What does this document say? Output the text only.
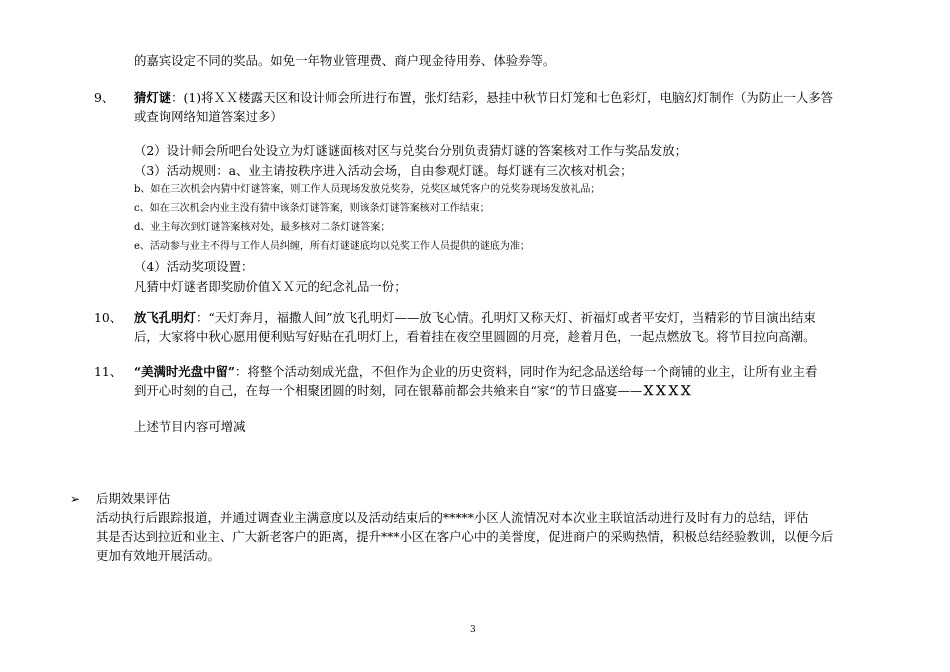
的嘉宾设定不同的奖品。如免一年物业管理费、商户现金待用券、体验券等。
9、 猜灯谜：(1)将ＸＸ楼露天区和设计师会所进行布置，张灯结彩，悬挂中秋节日灯笼和七色彩灯，电脑幻灯制作（为防止一人多答
或查询网络知道答案过多）
（2）设计师会所吧台处设立为灯谜谜面核对区与兑奖台分别负责猜灯谜的答案核对工作与奖品发放；
（3）活动规则：a、业主请按秩序进入活动会场，自由参观灯谜。每灯谜有三次核对机会；
b、如在三次机会内猜中灯谜答案，则工作人员现场发放兑奖券，兑奖区域凭客户的兑奖券现场发放礼品；
c、如在三次机会内业主没有猜中该条灯谜答案，则该条灯谜答案核对工作结束；
d、业主每次到灯谜答案核对处，最多核对二条灯谜答案；
e、活动参与业主不得与工作人员纠缠，所有灯谜谜底均以兑奖工作人员提供的谜底为准；
（4）活动奖项设置：
凡猜中灯谜者即奖励价值ＸＸ元的纪念礼品一份；
10、 放飞孔明灯：“天灯奔月，福撒人间”放飞孔明灯——放飞心情。孔明灯又称天灯、祈福灯或者平安灯，当精彩的节目演出结束
后，大家将中秋心愿用便利贴写好贴在孔明灯上，看着挂在夜空里圆圆的月亮，趁着月色，一起点燃放飞。将节目拉向高潮。
11、 “美满时光盘中留”：将整个活动刻成光盘，不但作为企业的历史资料，同时作为纪念品送给每一个商铺的业主，让所有业主看
到开心时刻的自己，在每一个相聚团圆的时刻，同在银幕前都会共飨来自“家“的节日盛宴——ＸＸＸＸ
上述节目内容可增减
➢ 后期效果评估
活动执行后跟踪报道，并通过调查业主满意度以及活动结束后的*****小区人流情况对本次业主联谊活动进行及时有力的总结，评估
其是否达到拉近和业主、广大新老客户的距离，提升***小区在客户心中的美誉度，促进商户的采购热情，积极总结经验教训，以便今后
更加有效地开展活动。
3
